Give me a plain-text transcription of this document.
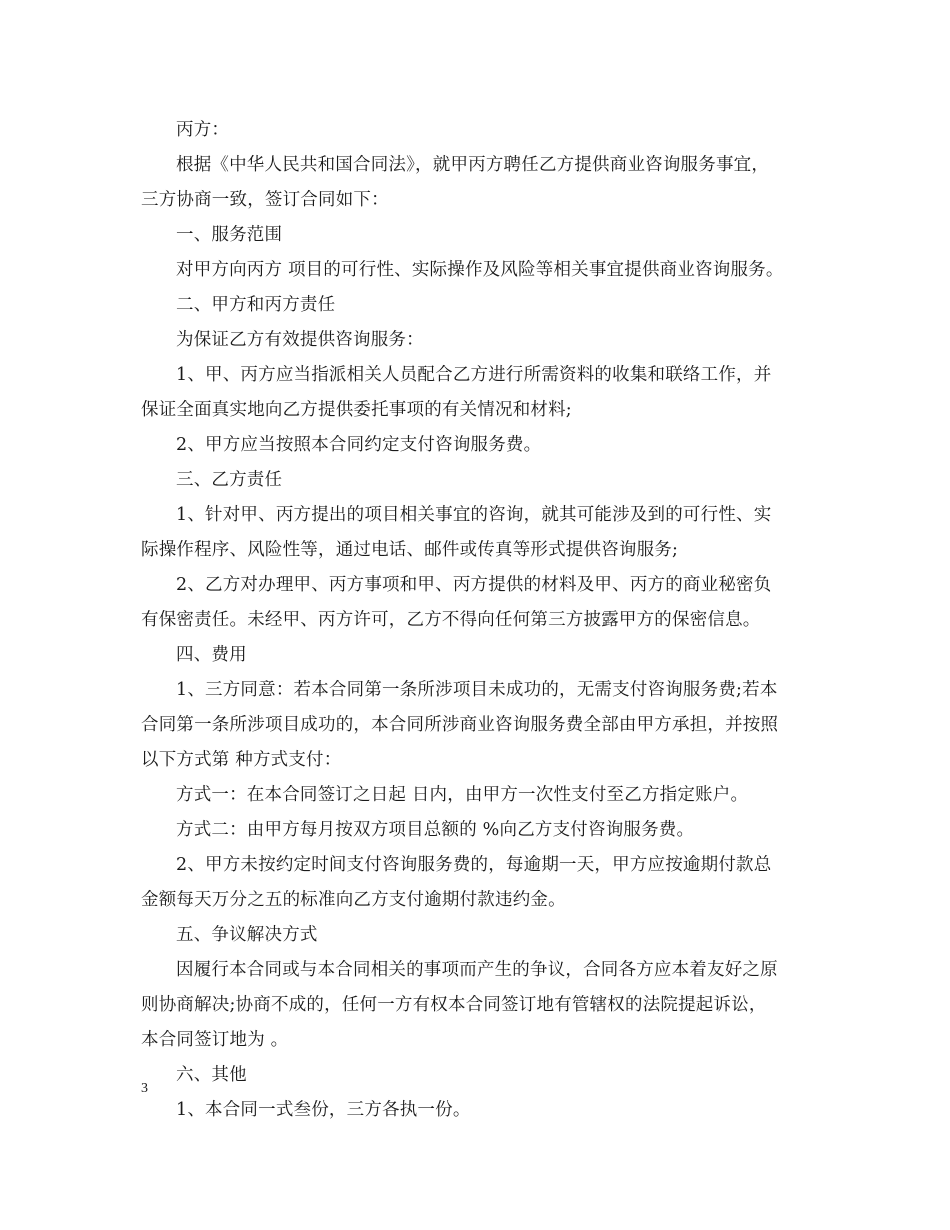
丙方：
根据《中华人民共和国合同法》，就甲丙方聘任乙方提供商业咨询服务事宜，
三方协商一致，签订合同如下：
一、服务范围
对甲方向丙方 项目的可行性、实际操作及风险等相关事宜提供商业咨询服务。
二、甲方和丙方责任
为保证乙方有效提供咨询服务：
1、甲、丙方应当指派相关人员配合乙方进行所需资料的收集和联络工作，并
保证全面真实地向乙方提供委托事项的有关情况和材料;
2、甲方应当按照本合同约定支付咨询服务费。
三、乙方责任
1、针对甲、丙方提出的项目相关事宜的咨询，就其可能涉及到的可行性、实
际操作程序、风险性等，通过电话、邮件或传真等形式提供咨询服务;
2、乙方对办理甲、丙方事项和甲、丙方提供的材料及甲、丙方的商业秘密负
有保密责任。未经甲、丙方许可，乙方不得向任何第三方披露甲方的保密信息。
四、费用
1、三方同意：若本合同第一条所涉项目未成功的，无需支付咨询服务费;若本
合同第一条所涉项目成功的，本合同所涉商业咨询服务费全部由甲方承担，并按照
以下方式第 种方式支付：
方式一：在本合同签订之日起 日内，由甲方一次性支付至乙方指定账户。
方式二：由甲方每月按双方项目总额的 %向乙方支付咨询服务费。
2、甲方未按约定时间支付咨询服务费的，每逾期一天，甲方应按逾期付款总
金额每天万分之五的标准向乙方支付逾期付款违约金。
五、争议解决方式
因履行本合同或与本合同相关的事项而产生的争议，合同各方应本着友好之原
则协商解决;协商不成的，任何一方有权本合同签订地有管辖权的法院提起诉讼，
本合同签订地为 。
六、其他
1、本合同一式叁份，三方各执一份。
3
